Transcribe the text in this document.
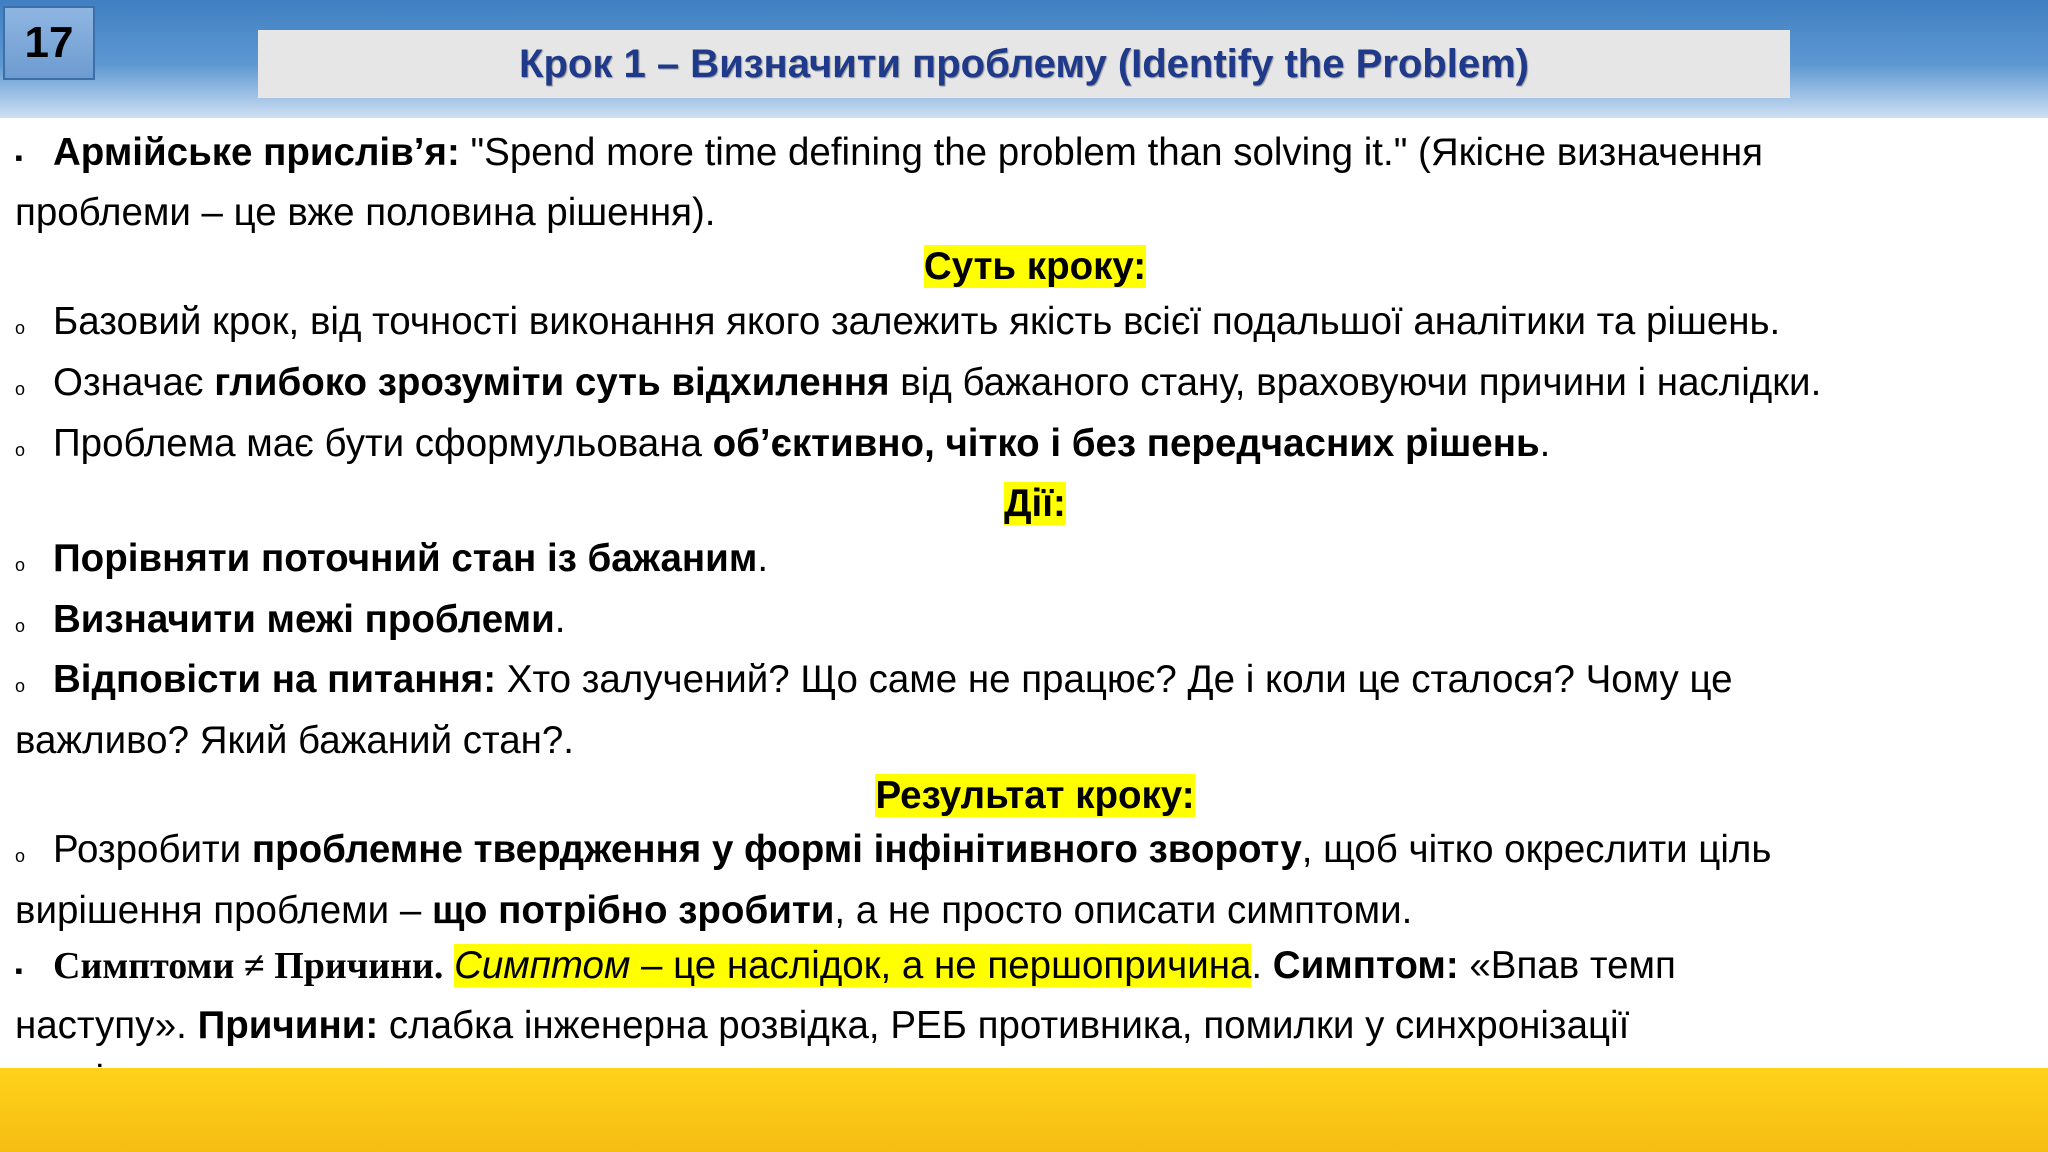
17	Крок 1 – Визначити проблему (Identify the Problem)
▪ Армійське прислів’я: "Spend more time defining the problem than solving it." (Якісне визначення
проблеми – це вже половина рішення).
Суть кроку:
o Базовий крок, від точності виконання якого залежить якість всієї подальшої аналітики та рішень.
o Означає глибоко зрозуміти суть відхилення від бажаного стану, враховуючи причини і наслідки.
o Проблема має бути сформульована об’єктивно, чітко і без передчасних рішень.
Дії:
o Порівняти поточний стан із бажаним.
o Визначити межі проблеми.
o Відповісти на питання: Хто залучений? Що саме не працює? Де і коли це сталося? Чому це
важливо? Який бажаний стан?.
Результат кроку:
o Розробити проблемне твердження у формі інфінітивного звороту, щоб чітко окреслити ціль
вирішення проблеми – що потрібно зробити, а не просто описати симптоми.
▪ Симптоми ≠ Причини. Симптом – це наслідок, а не першопричина. Симптом: «Впав темп
наступу». Причини: слабка інженерна розвідка, РЕБ противника, помилки у синхронізації
